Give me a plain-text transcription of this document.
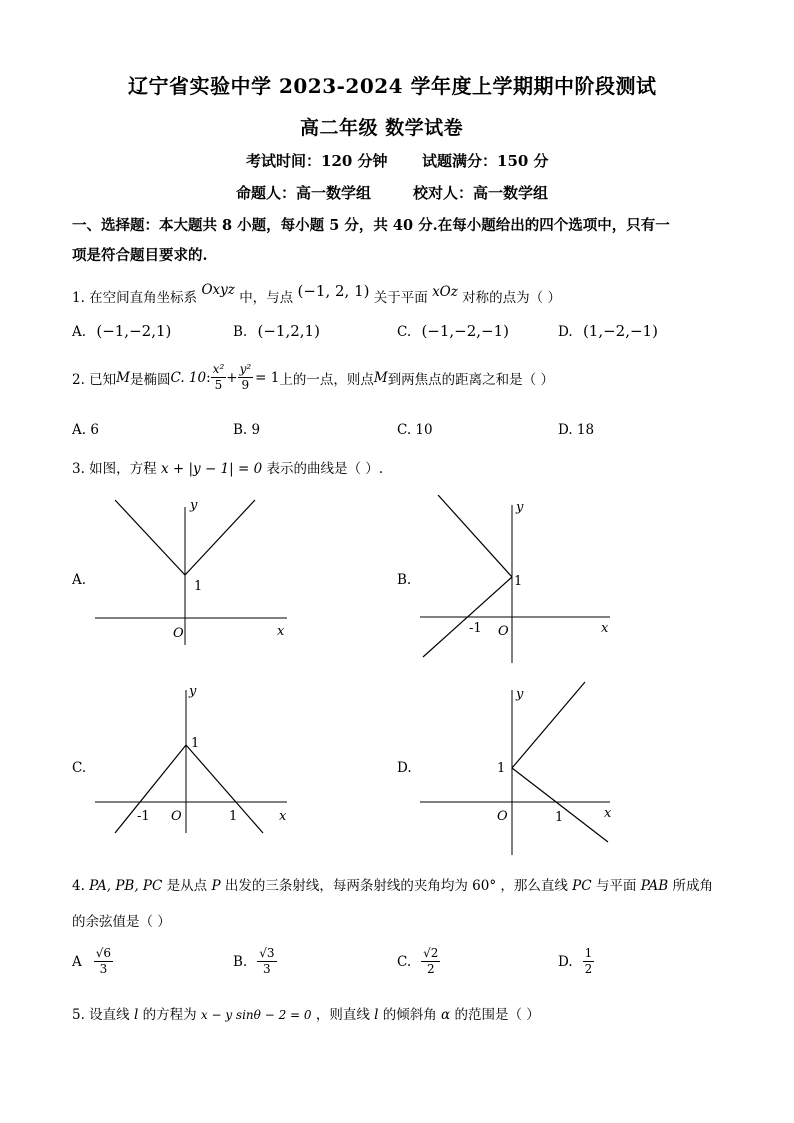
辽宁省实验中学 2023-2024 学年度上学期期中阶段测试
高二年级 数学试卷
考试时间：120 分钟 试题满分：150 分
命题人：高一数学组	校对人：高一数学组
一、选择题：本大题共 8 小题，每小题 5 分，共 40 分.在每小题给出的四个选项中，只有一
项是符合题目要求的.
1. 在空间直角坐标系 Oxyz 中，与点 (−1, 2, 1) 关于平面 xOz 对称的点为（ ）
A. (−1,−2,1)	B. (−1,2,1)	C. (−1,−2,−1)	D. (1,−2,−1)
2. 已知 M 是椭圆 C. 10 : $\frac{\text{x²}}{5} + \frac{\text{y²}}{9} = 1$ 上的一点，则点 M 到两焦点的距离之和是（ ）
A. 6	B. 9	C. 10	D. 18
3. 如图，方程 x + |y − 1| = 0 表示的曲线是（ ）.
A.	B.
C.	D.
y
x
O
1
y
x
O
1
-1
y
x
O
1
-1	1
y
x
O
1
1
4. PA, PB, PC 是从点 P 出发的三条射线，每两条射线的夹角均为 60° ，那么直线 PC 与平面 PAB 所成角
的余弦值是（ ）
A $\frac{√6}{3}$	B. $\frac{√3}{3}$	C. $\frac{√2}{2}$	D. $\frac{1}{2}$
5. 设直线 l 的方程为 x − y sinθ − 2 = 0 ，则直线 l 的倾斜角 α 的范围是（ ）
